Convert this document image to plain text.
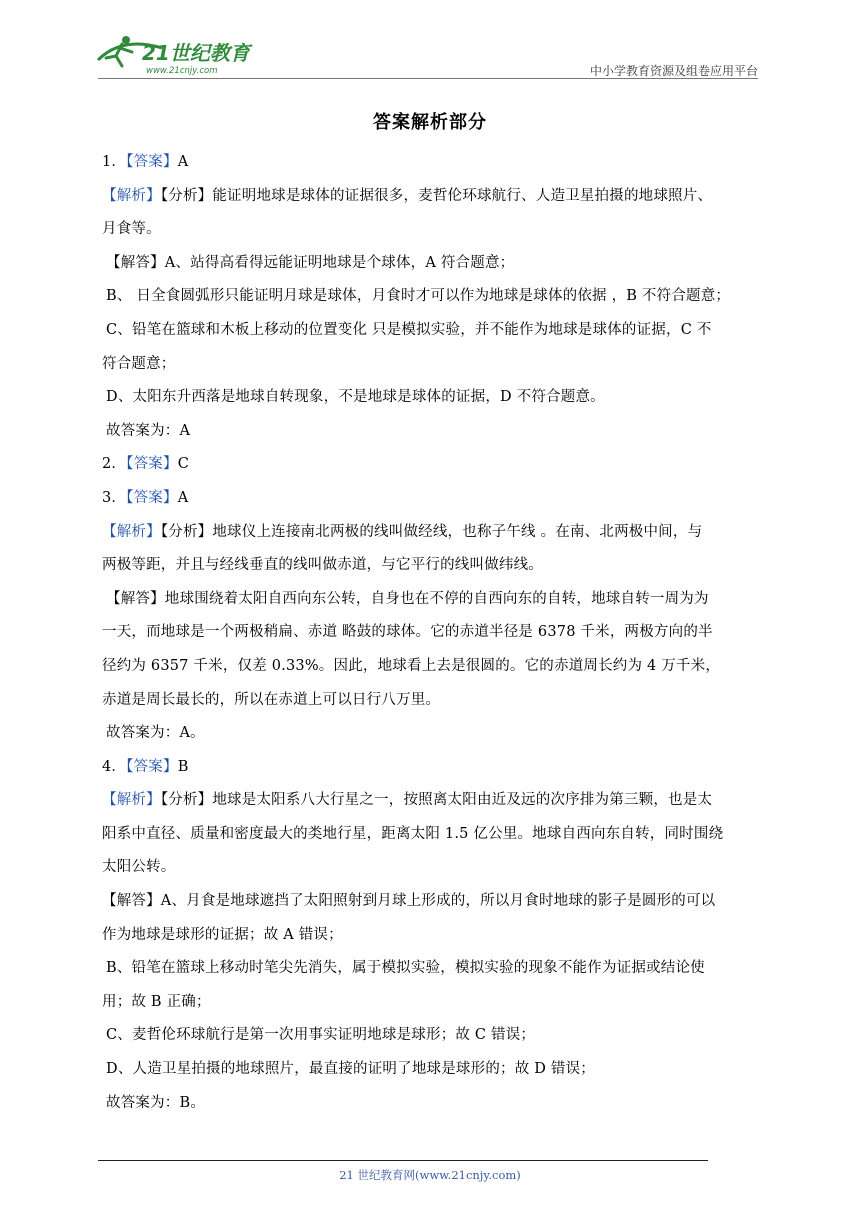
21世纪教育
www.21cnjy.com	中小学教育资源及组卷应用平台
答案解析部分
1．【答案】A
【解析】【分析】能证明地球是球体的证据很多，麦哲伦环球航行、人造卫星拍摄的地球照片、
月食等。
【解答】A、站得高看得远能证明地球是个球体，A 符合题意；
B、 日全食圆弧形只能证明月球是球体，月食时才可以作为地球是球体的依据 ，B 不符合题意；
C、铅笔在篮球和木板上移动的位置变化 只是模拟实验，并不能作为地球是球体的证据，C 不
符合题意；
D、太阳东升西落是地球自转现象，不是地球是球体的证据，D 不符合题意。
故答案为：A
2．【答案】C
3．【答案】A
【解析】【分析】地球仪上连接南北两极的线叫做经线，也称子午线 。在南、北两极中间，与
两极等距，并且与经线垂直的线叫做赤道，与它平行的线叫做纬线。
【解答】地球围绕着太阳自西向东公转，自身也在不停的自西向东的自转，地球自转一周为为
一天，而地球是一个两极稍扁、赤道 略鼓的球体。它的赤道半径是 6378 千米，两极方向的半
径约为 6357 千米，仅差 0.33%。因此，地球看上去是很圆的。它的赤道周长约为 4 万千米，
赤道是周长最长的，所以在赤道上可以日行八万里。
故答案为：A。
4．【答案】B
【解析】【分析】地球是太阳系八大行星之一，按照离太阳由近及远的次序排为第三颗，也是太
阳系中直径、质量和密度最大的类地行星，距离太阳 1.5 亿公里。地球自西向东自转，同时围绕
太阳公转。
【解答】A、月食是地球遮挡了太阳照射到月球上形成的，所以月食时地球的影子是圆形的可以
作为地球是球形的证据；故 A 错误；
B、铅笔在篮球上移动时笔尖先消失，属于模拟实验，模拟实验的现象不能作为证据或结论使
用；故 B 正确；
C、麦哲伦环球航行是第一次用事实证明地球是球形；故 C 错误；
D、人造卫星拍摄的地球照片，最直接的证明了地球是球形的；故 D 错误；
故答案为：B。
21 世纪教育网(www.21cnjy.com)
